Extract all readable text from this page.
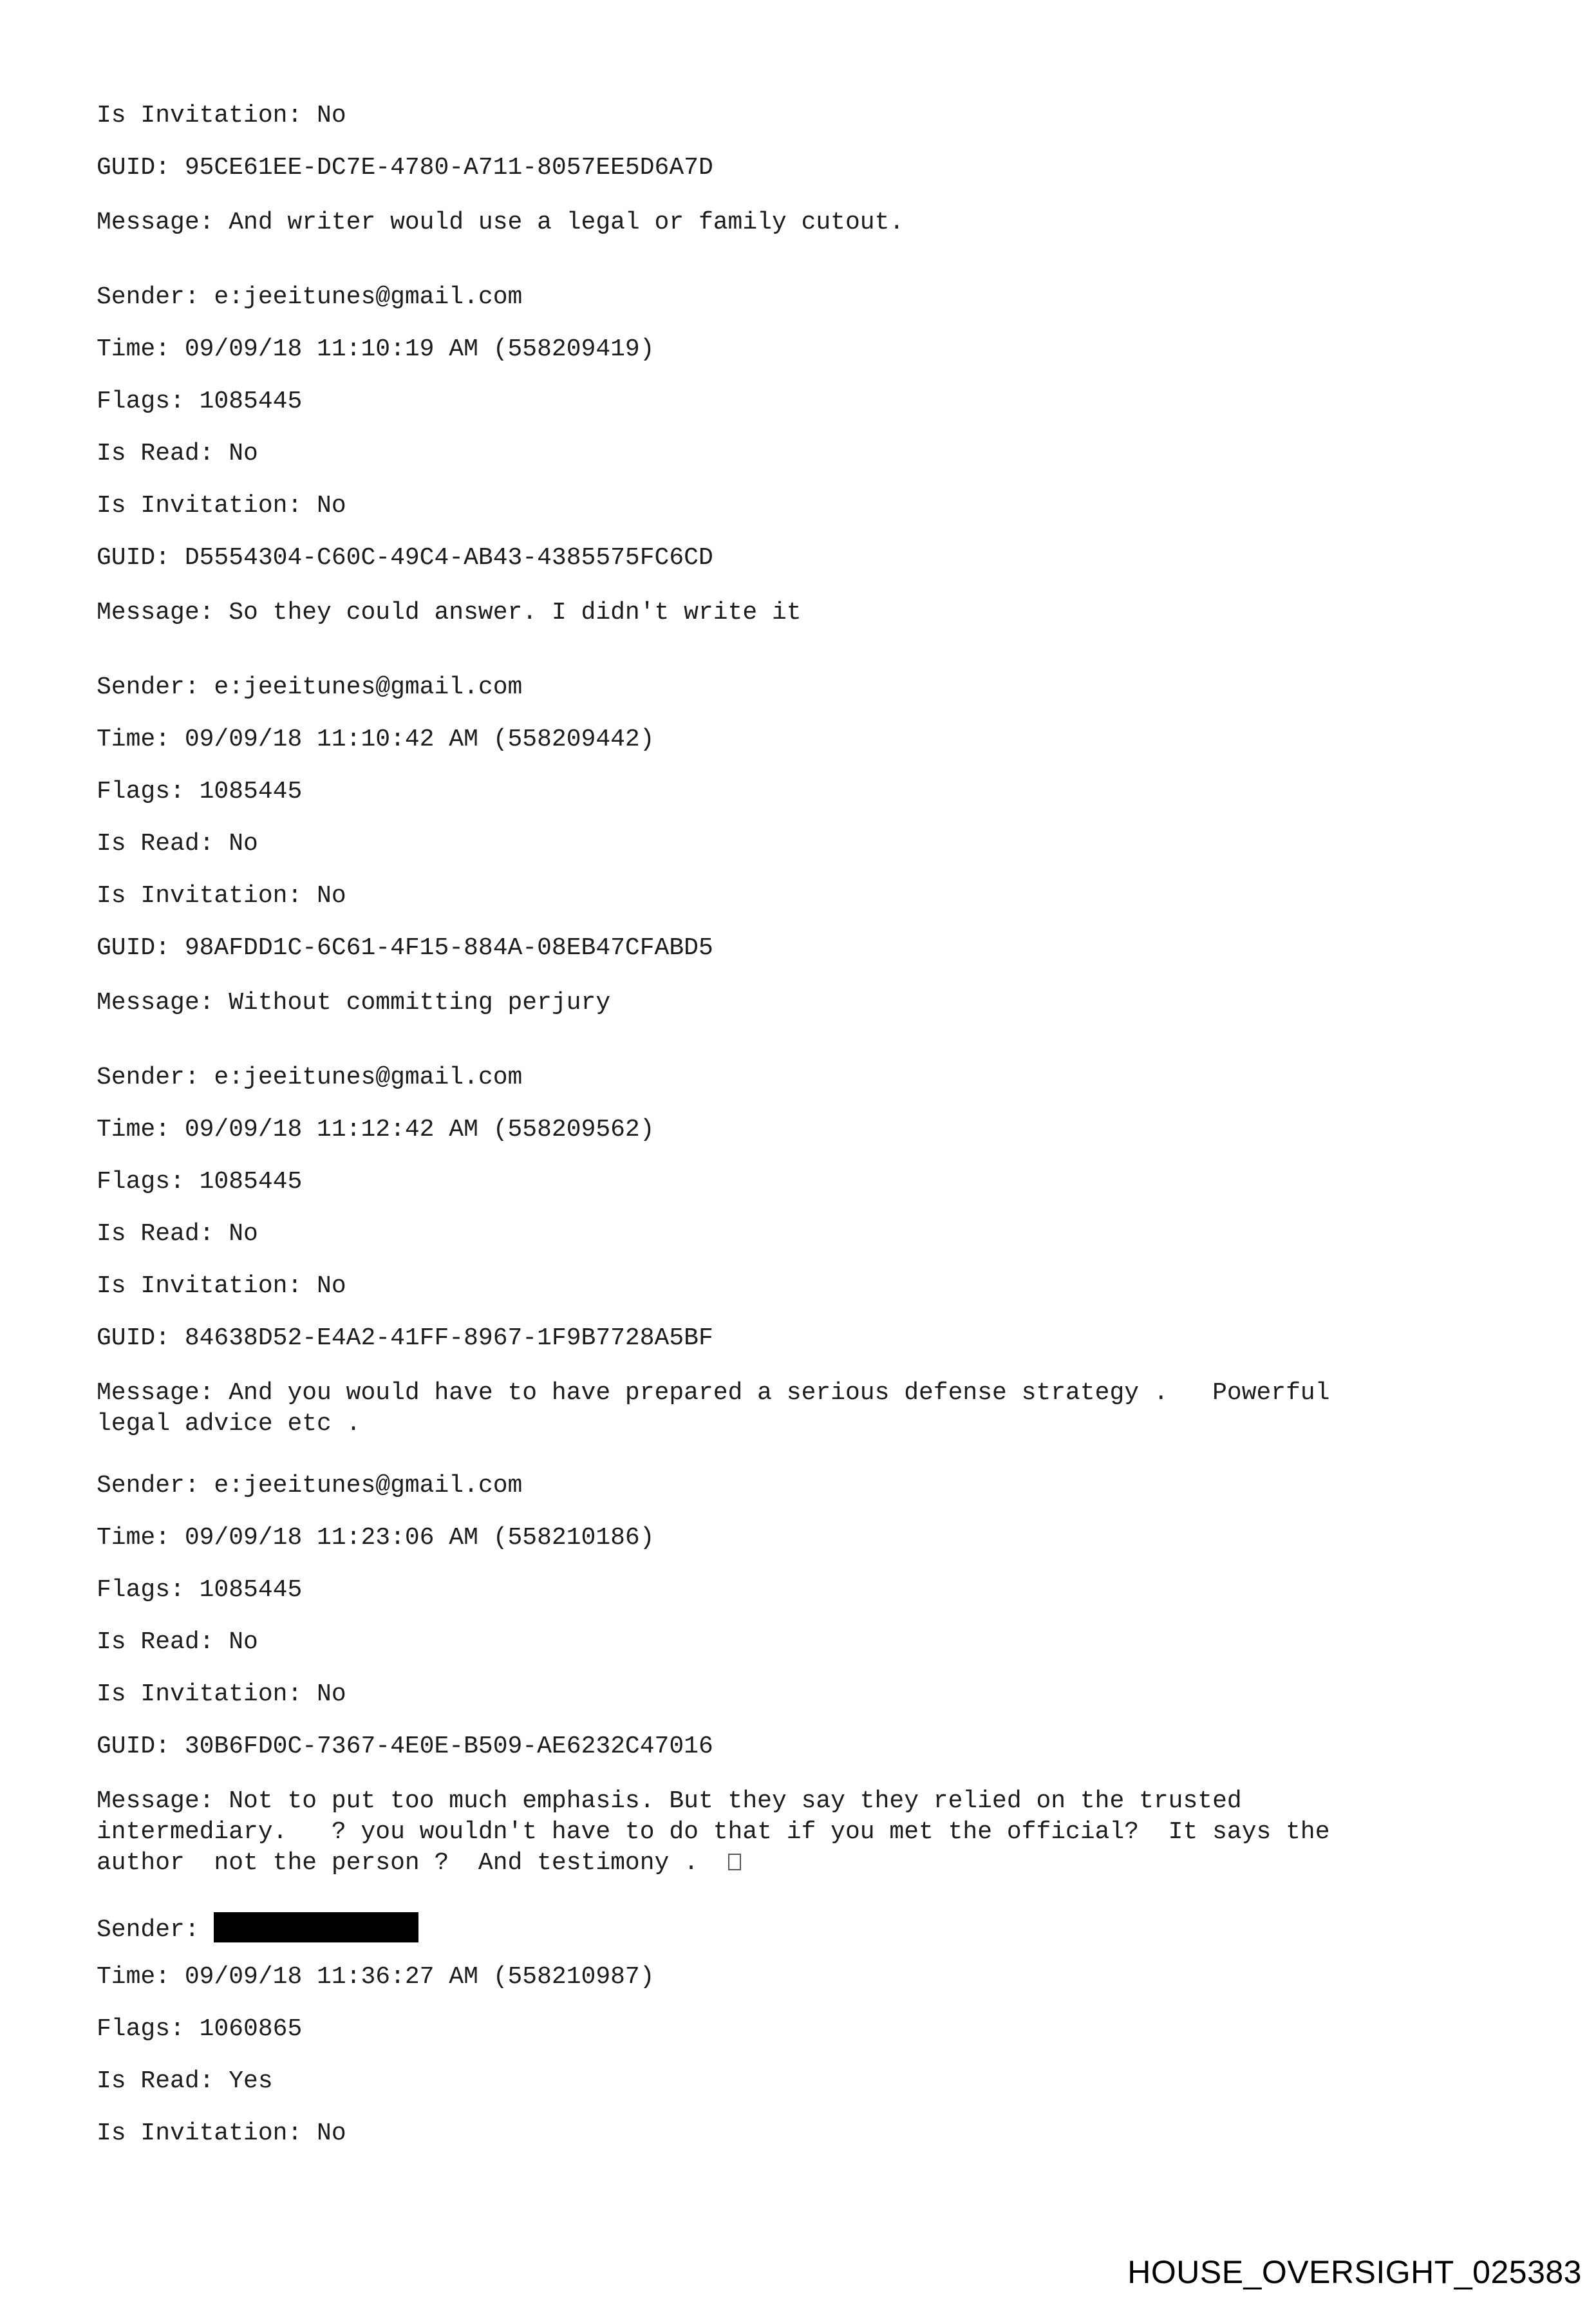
Is Invitation: No
GUID: 95CE61EE-DC7E-4780-A711-8057EE5D6A7D
Message: And writer would use a legal or family cutout.
Sender: e:jeeitunes@gmail.com
Time: 09/09/18 11:10:19 AM (558209419)
Flags: 1085445
Is Read: No
Is Invitation: No
GUID: D5554304-C60C-49C4-AB43-4385575FC6CD
Message: So they could answer. I didn't write it
Sender: e:jeeitunes@gmail.com
Time: 09/09/18 11:10:42 AM (558209442)
Flags: 1085445
Is Read: No
Is Invitation: No
GUID: 98AFDD1C-6C61-4F15-884A-08EB47CFABD5
Message: Without committing perjury
Sender: e:jeeitunes@gmail.com
Time: 09/09/18 11:12:42 AM (558209562)
Flags: 1085445
Is Read: No
Is Invitation: No
GUID: 84638D52-E4A2-41FF-8967-1F9B7728A5BF
Message: And you would have to have prepared a serious defense strategy .   Powerful
legal advice etc .
Sender: e:jeeitunes@gmail.com
Time: 09/09/18 11:23:06 AM (558210186)
Flags: 1085445
Is Read: No
Is Invitation: No
GUID: 30B6FD0C-7367-4E0E-B509-AE6232C47016
Message: Not to put too much emphasis. But they say they relied on the trusted
intermediary.   ? you wouldn't have to do that if you met the official?  It says the
author  not the person ?  And testimony .
Sender:
Time: 09/09/18 11:36:27 AM (558210987)
Flags: 1060865
Is Read: Yes
Is Invitation: No
HOUSE_OVERSIGHT_025383
